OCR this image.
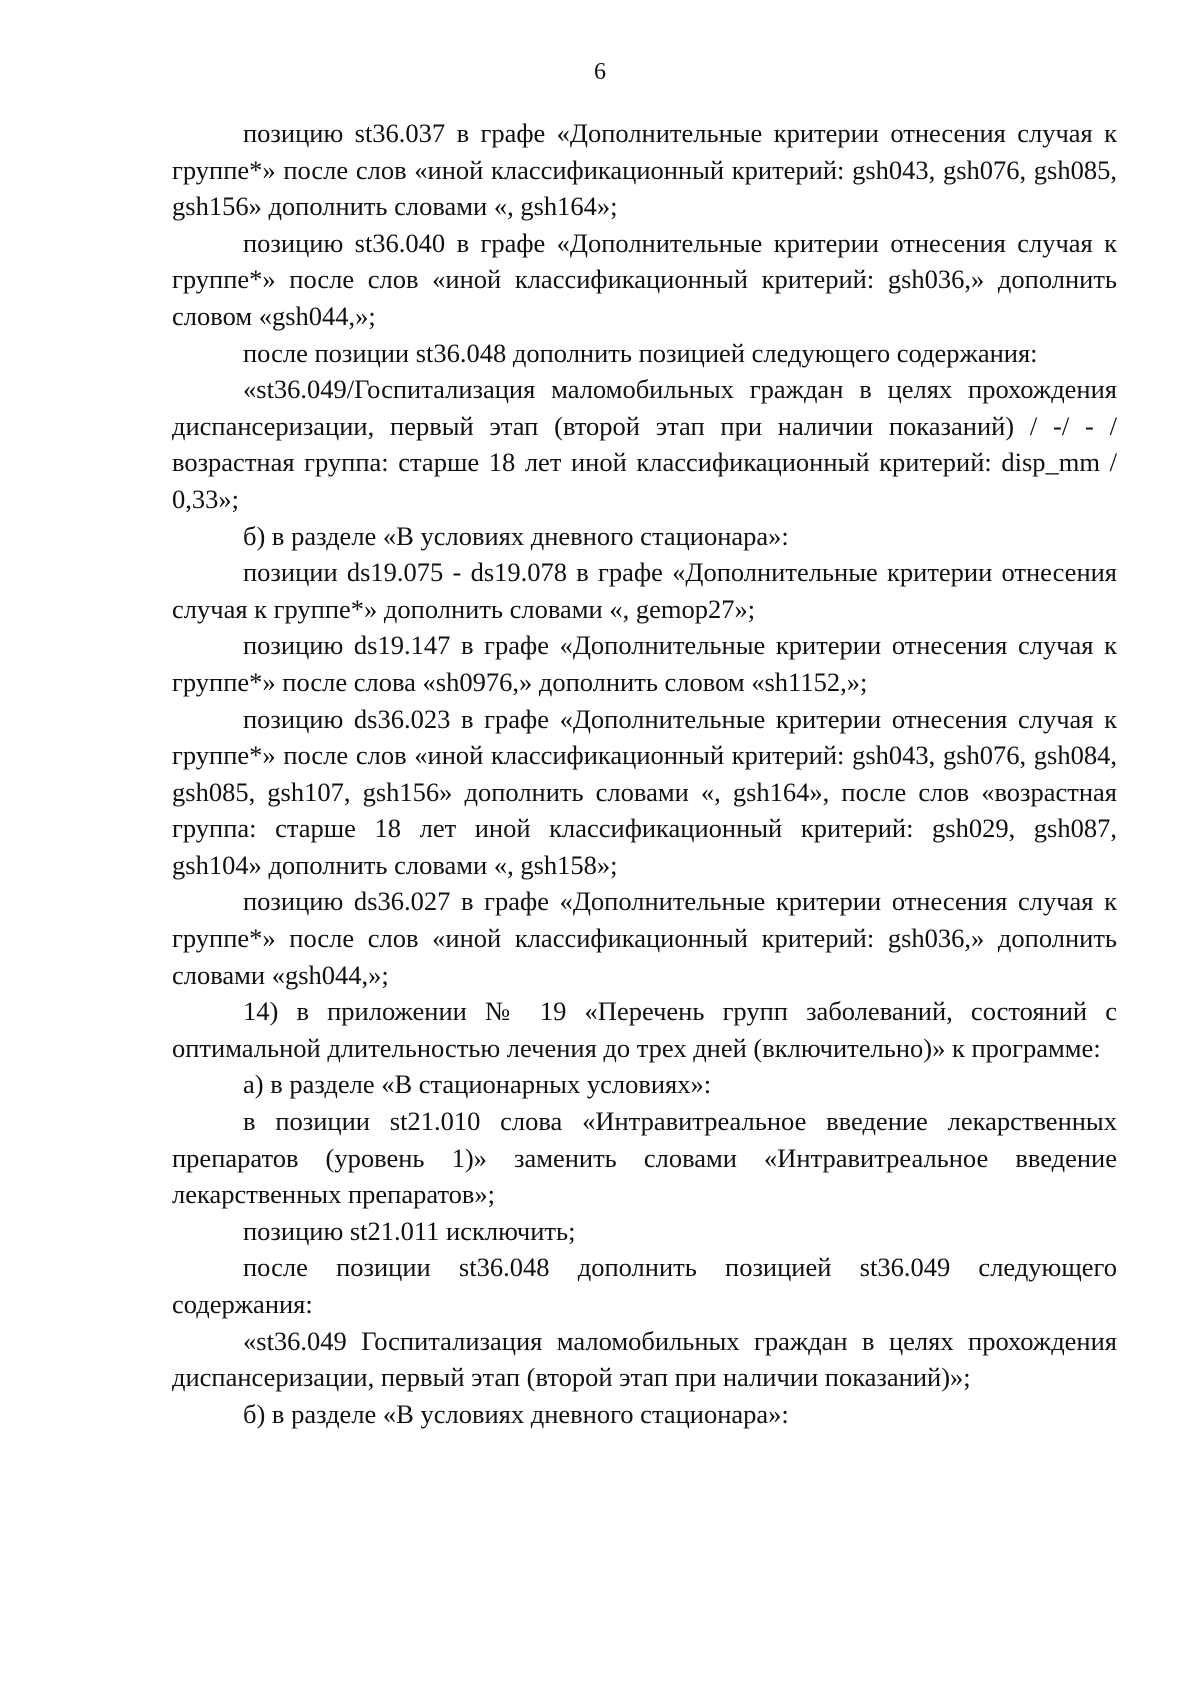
6

позицию st36.037 в графе «Дополнительные критерии отнесения случая к группе*» после слов «иной классификационный критерий: gsh043, gsh076, gsh085, gsh156» дополнить словами «, gsh164»;

позицию st36.040 в графе «Дополнительные критерии отнесения случая к группе*» после слов «иной классификационный критерий: gsh036,» дополнить словом «gsh044,»;

после позиции st36.048 дополнить позицией следующего содержания:

«st36.049/Госпитализация маломобильных граждан в целях прохождения диспансеризации, первый этап (второй этап при наличии показаний) / -/ - /возрастная группа: старше 18 лет иной классификационный критерий: disp_mm / 0,33»;

б) в разделе «В условиях дневного стационара»:

позиции ds19.075 - ds19.078 в графе «Дополнительные критерии отнесения случая к группе*» дополнить словами «, gemop27»;

позицию ds19.147 в графе «Дополнительные критерии отнесения случая к группе*» после слова «sh0976,» дополнить словом «sh1152,»;

позицию ds36.023 в графе «Дополнительные критерии отнесения случая к группе*» после слов «иной классификационный критерий: gsh043, gsh076, gsh084, gsh085, gsh107, gsh156» дополнить словами «, gsh164», после слов «возрастная группа: старше 18 лет иной классификационный критерий: gsh029, gsh087, gsh104» дополнить словами «, gsh158»;

позицию ds36.027 в графе «Дополнительные критерии отнесения случая к группе*» после слов «иной классификационный критерий: gsh036,» дополнить словами «gsh044,»;

14) в приложении № 19 «Перечень групп заболеваний, состояний с оптимальной длительностью лечения до трех дней (включительно)» к программе:

а) в разделе «В стационарных условиях»:

в позиции st21.010 слова «Интравитреальное введение лекарственных препаратов (уровень 1)» заменить словами «Интравитреальное введение лекарственных препаратов»;

позицию st21.011 исключить;

после позиции st36.048 дополнить позицией st36.049 следующего содержания:

«st36.049 Госпитализация маломобильных граждан в целях прохождения диспансеризации, первый этап (второй этап при наличии показаний)»;

б) в разделе «В условиях дневного стационара»:
